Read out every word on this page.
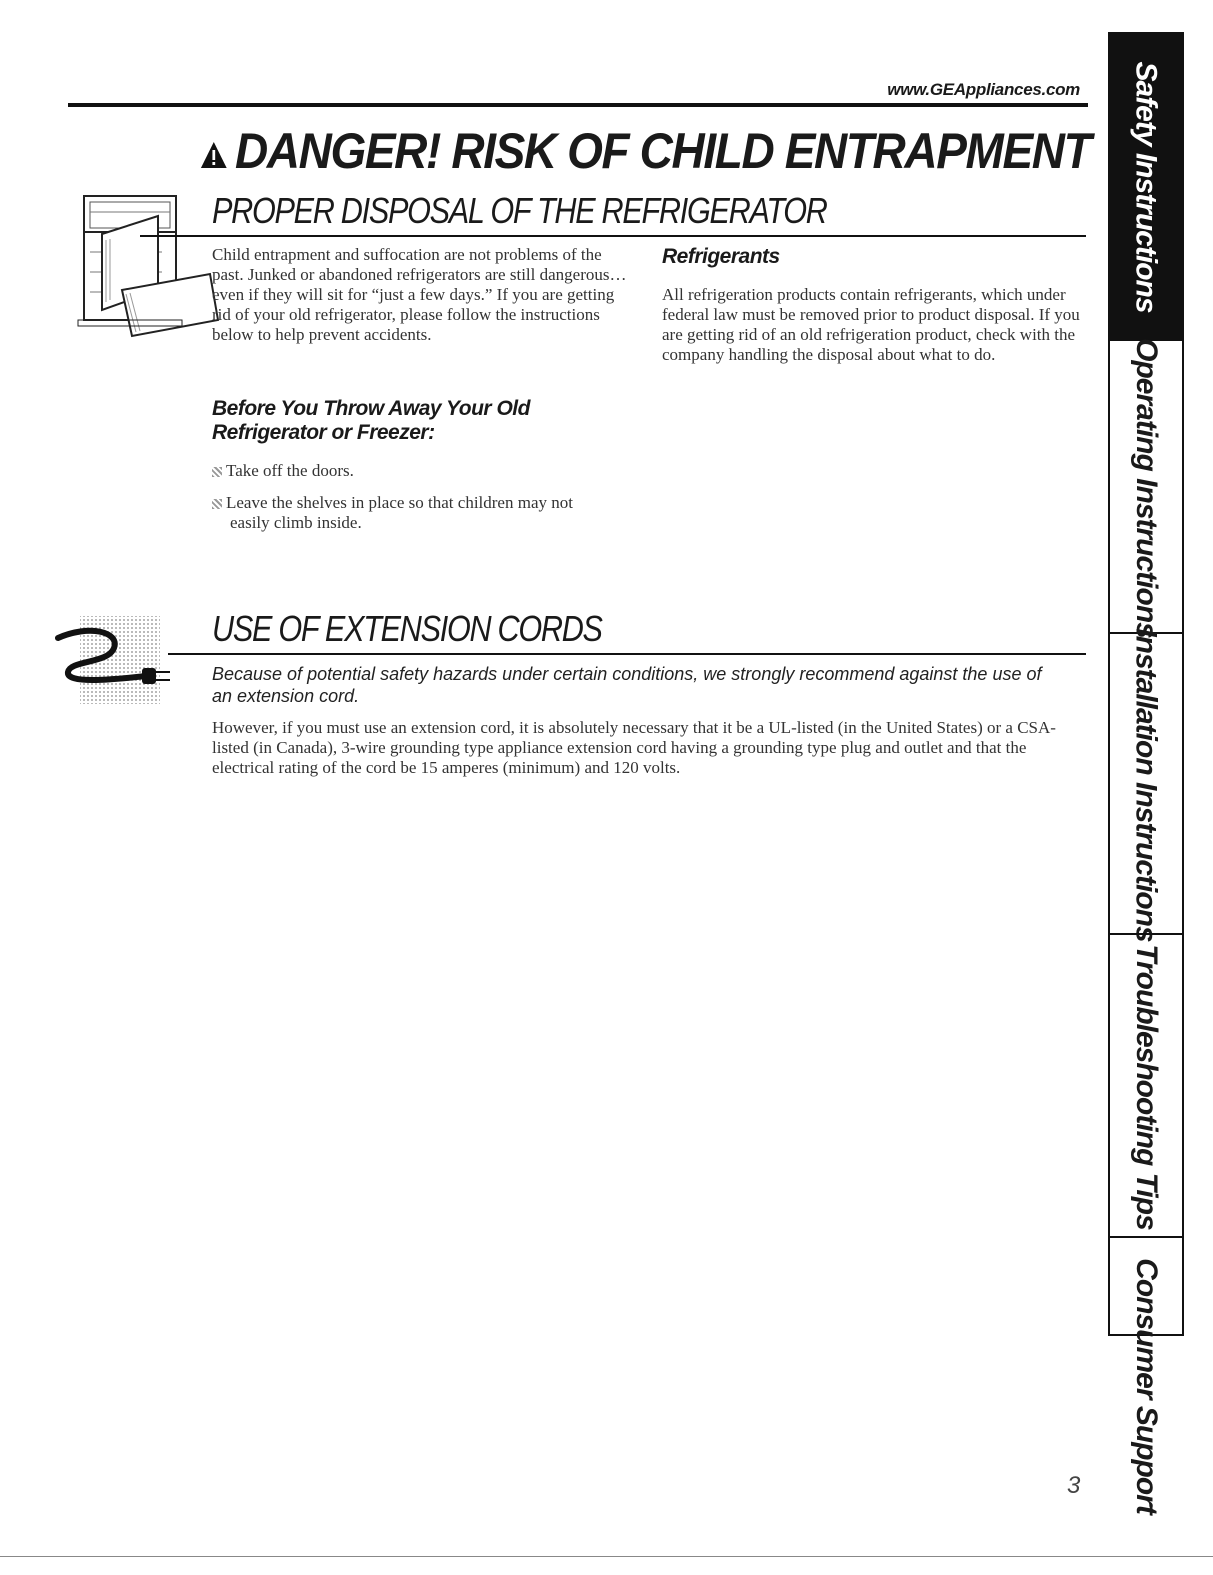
www.GEAppliances.com
DANGER! RISK OF CHILD ENTRAPMENT
PROPER DISPOSAL OF THE REFRIGERATOR
Child entrapment and suffocation are not problems of the past. Junked or abandoned refrigerators are still dangerous…even if they will sit for “just a few days.” If you are getting rid of your old refrigerator, please follow the instructions below to help prevent accidents.
Before You Throw Away Your Old
Refrigerator or Freezer:
Take off the doors.
Leave the shelves in place so that children may not easily climb inside.
Refrigerants
All refrigeration products contain refrigerants, which under federal law must be removed prior to product disposal. If you are getting rid of an old refrigeration product, check with the company handling the disposal about what to do.
USE OF EXTENSION CORDS
Because of potential safety hazards under certain conditions, we strongly recommend against the use of an extension cord.
However, if you must use an extension cord, it is absolutely necessary that it be a UL-listed (in the United States) or a CSA-listed (in Canada), 3-wire grounding type appliance extension cord having a grounding type plug and outlet and that the electrical rating of the cord be 15 amperes (minimum) and 120 volts.
Safety Instructions
Operating Instructions
Installation Instructions
Troubleshooting Tips
Consumer Support
3
